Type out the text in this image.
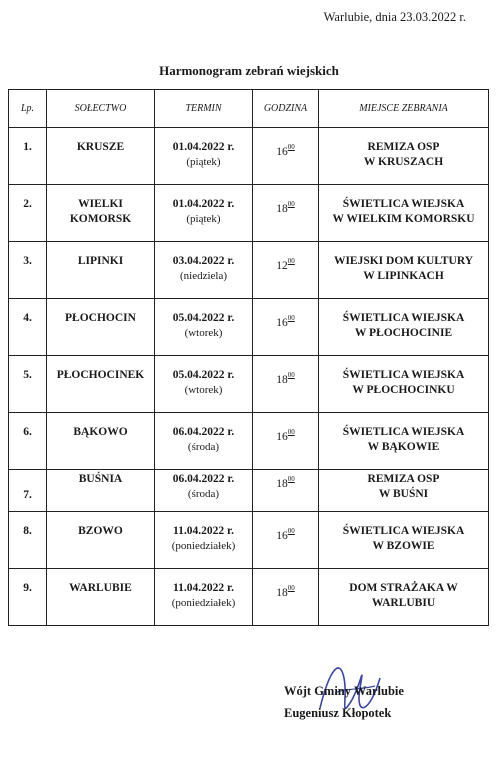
Warlubie, dnia 23.03.2022 r.
Harmonogram zebrań wiejskich
Lp.	SOŁECTWO	TERMIN	GODZINA	MIEJSCE ZEBRANIA
1.	KRUSZE	01.04.2022 r.
(piątek)	$16^{00}$	REMIZA OSP
W KRUSZACH

2.	WIELKI
KOMORSK	01.04.2022 r.
(piątek)	$18^{00}$	ŚWIETLICA WIEJSKA
W WIELKIM KOMORSKU

3.	LIPINKI	03.04.2022 r.
(niedziela)	$12^{00}$	WIEJSKI DOM KULTURY
W LIPINKACH

4.	PŁOCHOCIN	05.04.2022 r.
(wtorek)	$16^{00}$	ŚWIETLICA WIEJSKA
W PŁOCHOCINIE

5.	PŁOCHOCINEK	05.04.2022 r.
(wtorek)	$18^{00}$	ŚWIETLICA WIEJSKA
W PŁOCHOCINKU

6.	BĄKOWO	06.04.2022 r.
(środa)	$16^{00}$	ŚWIETLICA WIEJSKA
W BĄKOWIE

7.	BUŚNIA	06.04.2022 r.
(środa)	$18^{00}$	REMIZA OSP
W BUŚNI

8.	BZOWO	11.04.2022 r.
(poniedziałek)	$16^{00}$	ŚWIETLICA WIEJSKA
W BZOWIE

9.	WARLUBIE	11.04.2022 r.
(poniedziałek)	$18^{00}$	DOM STRAŻAKA W
WARLUBIU
Wójt Gminy Warlubie
Eugeniusz Kłopotek
